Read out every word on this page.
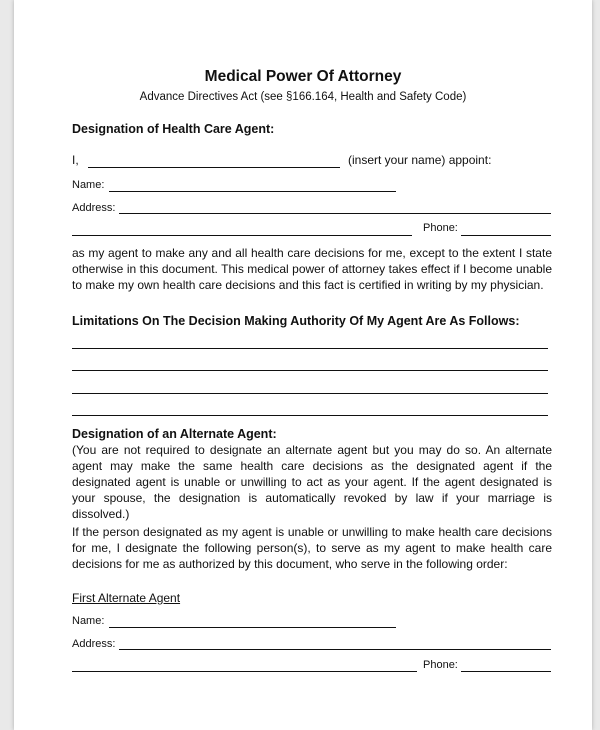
Medical Power Of Attorney
Advance Directives Act (see §166.164, Health and Safety Code)
Designation of Health Care Agent:
I,	(insert your name) appoint:
Name:
Address:
Phone:
as my agent to make any and all health care decisions for me, except to the extent I state otherwise in this document. This medical power of attorney takes effect if I become unable to make my own health care decisions and this fact is certified in writing by my physician.
Limitations On The Decision Making Authority Of My Agent Are As Follows:
Designation of an Alternate Agent:
(You are not required to designate an alternate agent but you may do so. An alternate agent may make the same health care decisions as the designated agent if the designated agent is unable or unwilling to act as your agent. If the agent designated is your spouse, the designation is automatically revoked by law if your marriage is dissolved.)
If the person designated as my agent is unable or unwilling to make health care decisions for me, I designate the following person(s), to serve as my agent to make health care decisions for me as authorized by this document, who serve in the following order:
First Alternate Agent
Name:
Address:
Phone:
